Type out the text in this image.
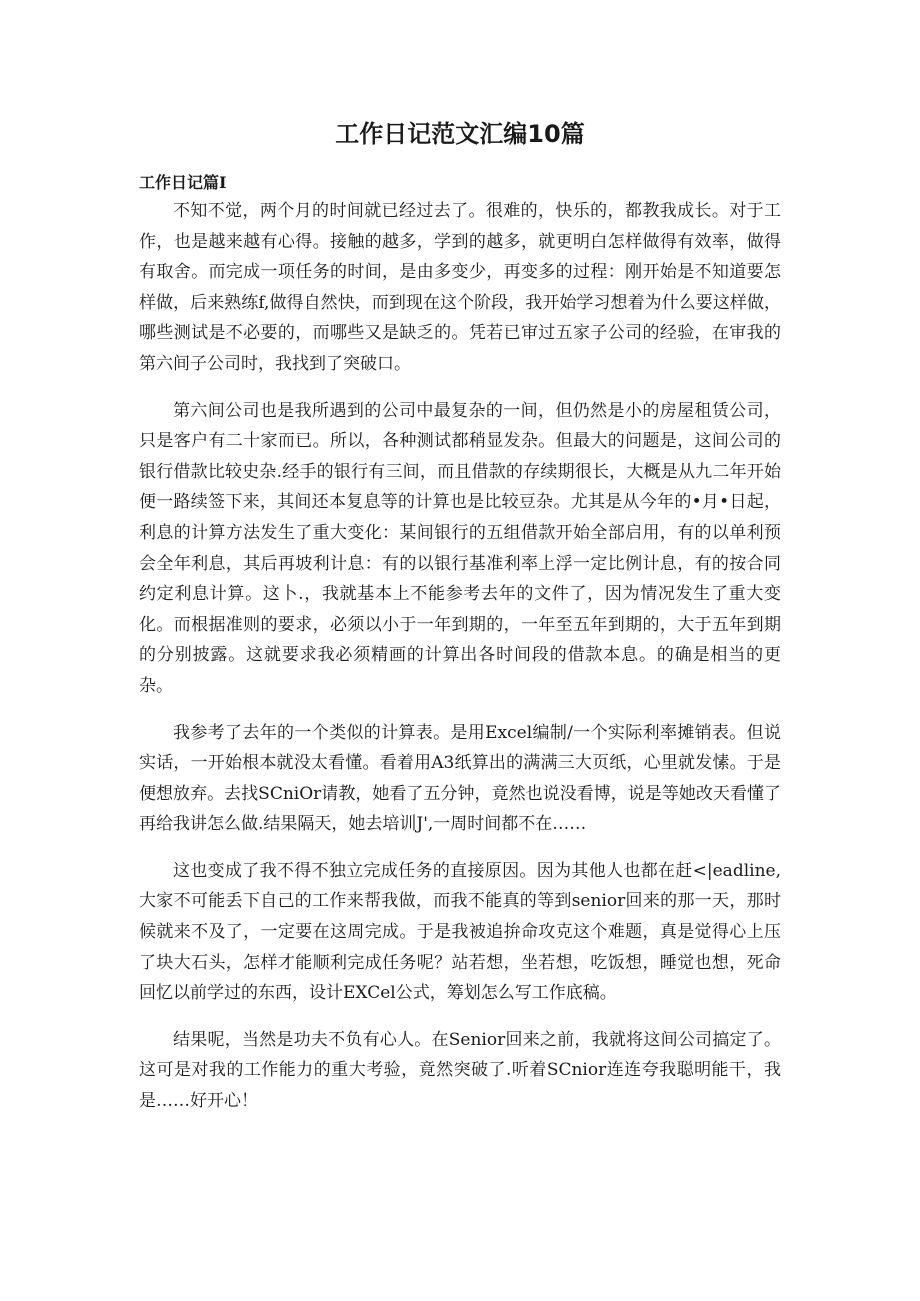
工作日记范文汇编10篇
工作日记篇I

不知不觉，两个月的时间就已经过去了。很难的，快乐的，都教我成长。对于工作，也是越来越有心得。接触的越多，学到的越多，就更明白怎样做得有效率，做得有取舍。而完成一项任务的时间，是由多变少，再变多的过程：刚开始是不知道要怎样做，后来熟练f,做得自然快，而到现在这个阶段，我开始学习想着为什么要这样做，哪些测试是不必要的，而哪些又是缺乏的。凭若已审过五家子公司的经验，在审我的第六间子公司时，我找到了突破口。

第六间公司也是我所遇到的公司中最复杂的一间，但仍然是小的房屋租赁公司，只是客户有二十家而已。所以，各种测试都稍显发杂。但最大的问题是，这间公司的银行借款比较史杂.经手的银行有三间，而且借款的存续期很长，大概是从九二年开始便一路续签下来，其间还本复息等的计算也是比较豆杂。尤其是从今年的•月•日起，利息的计算方法发生了重大变化：某间银行的五组借款开始全部启用，有的以单利预会全年利息，其后再坡利计息：有的以银行基准利率上浮一定比例计息，有的按合同约定利息计算。这卜.，我就基本上不能参考去年的文件了，因为情况发生了重大变化。而根据准则的要求，必须以小于一年到期的，一年至五年到期的，大于五年到期的分别披露。这就要求我必须精画的计算出各时间段的借款本息。的确是相当的更杂。

我参考了去年的一个类似的计算表。是用Excel编制/一个实际利率摊销表。但说实话，一开始根本就没太看懂。看着用A3纸算出的满满三大页纸，心里就发愫。于是便想放弃。去找SCniOr请教，她看了五分钟，竟然也说没看博，说是等她改天看懂了再给我讲怎么做.结果隔天，她去培训J',一周时间都不在……

这也变成了我不得不独立完成任务的直接原因。因为其他人也都在赶<|eadline,大家不可能丢下自己的工作来帮我做，而我不能真的等到senior回来的那一天，那时候就来不及了，一定要在这周完成。于是我被追拚命攻克这个难题，真是觉得心上压了块大石头，怎样才能顺利完成任务呢？站若想，坐若想，吃饭想，睡觉也想，死命回忆以前学过的东西，设计EXCel公式，筹划怎么写工作底稿。

结果呢，当然是功夫不负有心人。在Senior回来之前，我就将这间公司搞定了。这可是对我的工作能力的重大考验，竟然突破了.听着SCnior连连夸我聪明能干，我是……好开心！
